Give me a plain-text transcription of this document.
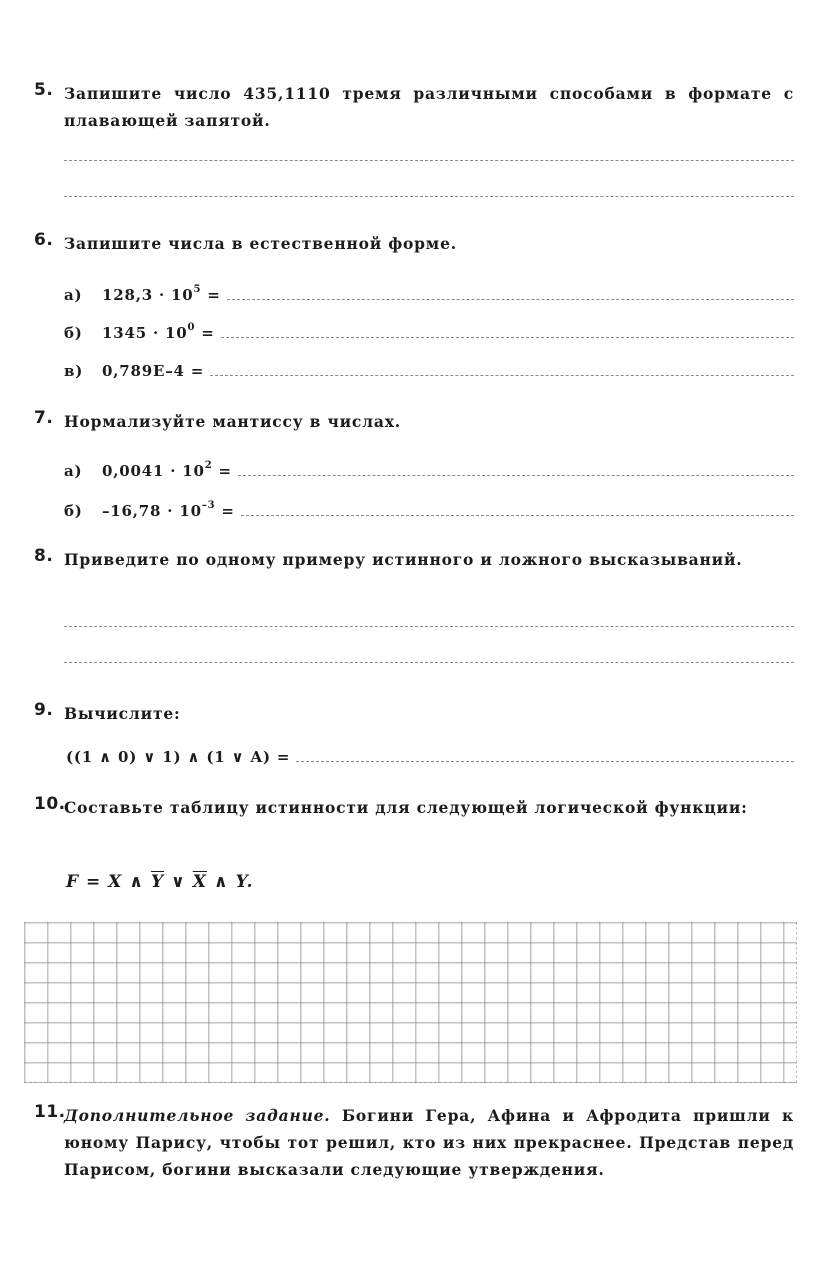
5. Запишите число 435,1110 тремя различными способами в формате с плавающей запятой.
6. Запишите числа в естественной форме.
а)	$128,3 \cdot 10^5$ =
б)	$1345 \cdot 10^0$ =
в)	0,789E–4 =
7. Нормализуйте мантиссу в числах.
а)	$0,0041 \cdot 10^2$ =
б)	$-16,78 \cdot 10^{-3}$ =
8. Приведите по одному примеру истинного и ложного высказываний.
9. Вычислите:
((1 ∧ 0) ∨ 1) ∧ (1 ∨ A) =
10.
Составьте таблицу истинности для следующей логической функции:
F = X ∧ $\overline{Y}$ ∨ $\overline{X}$ ∧ Y.
11.
Дополнительное задание. Богини Гера, Афина и Афродита пришли к юному Парису, чтобы тот решил, кто из них прекраснее. Представ перед Парисом, богини высказали следующие утверждения.
